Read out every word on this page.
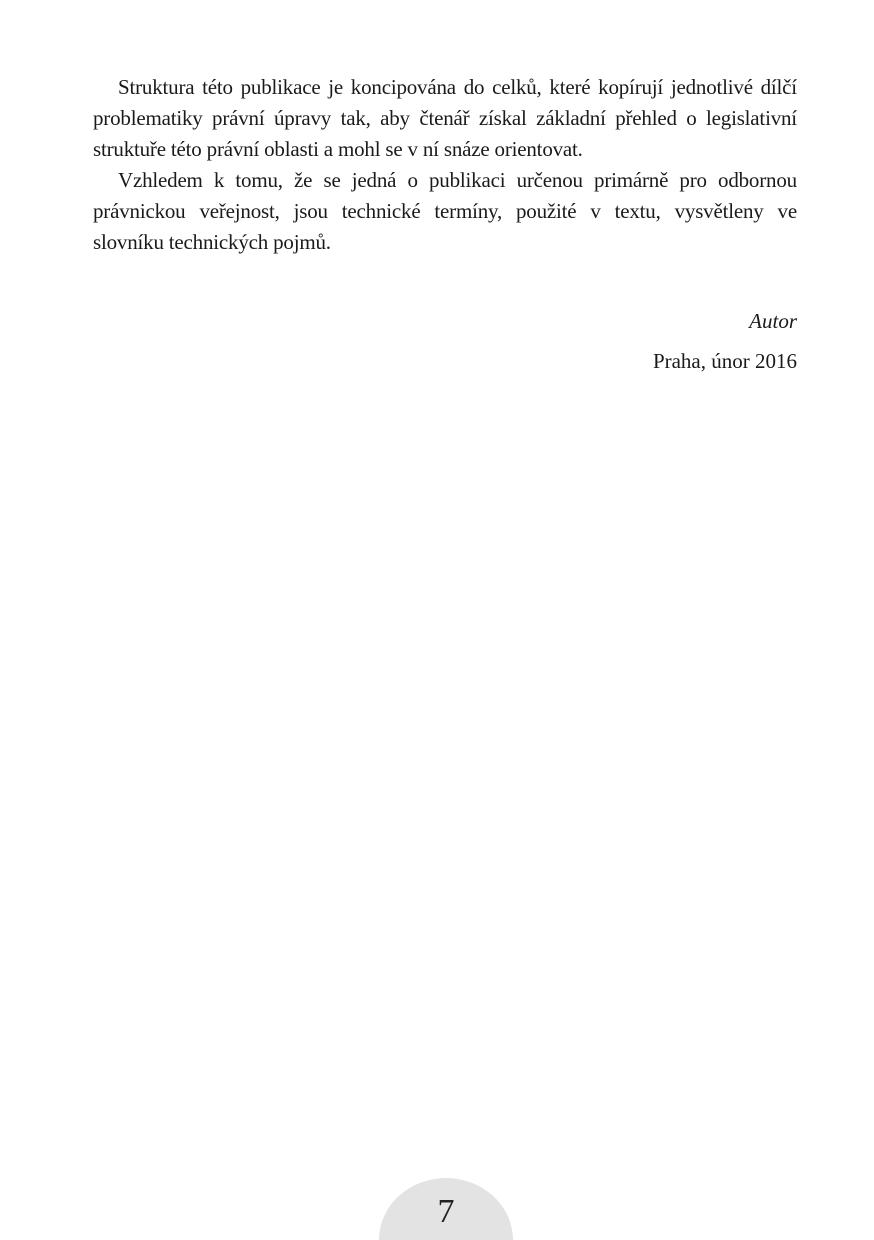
Struktura této publikace je koncipována do celků, které kopírují jednotlivé dílčí
problematiky právní úpravy tak, aby čtenář získal základní přehled o legislativní
struktuře této právní oblasti a mohl se v ní snáze orientovat.
Vzhledem k tomu, že se jedná o publikaci určenou primárně pro odbornou
právnickou veřejnost, jsou technické termíny, použité v textu, vysvětleny ve
slovníku technických pojmů.
Autor
Praha, únor 2016
7
